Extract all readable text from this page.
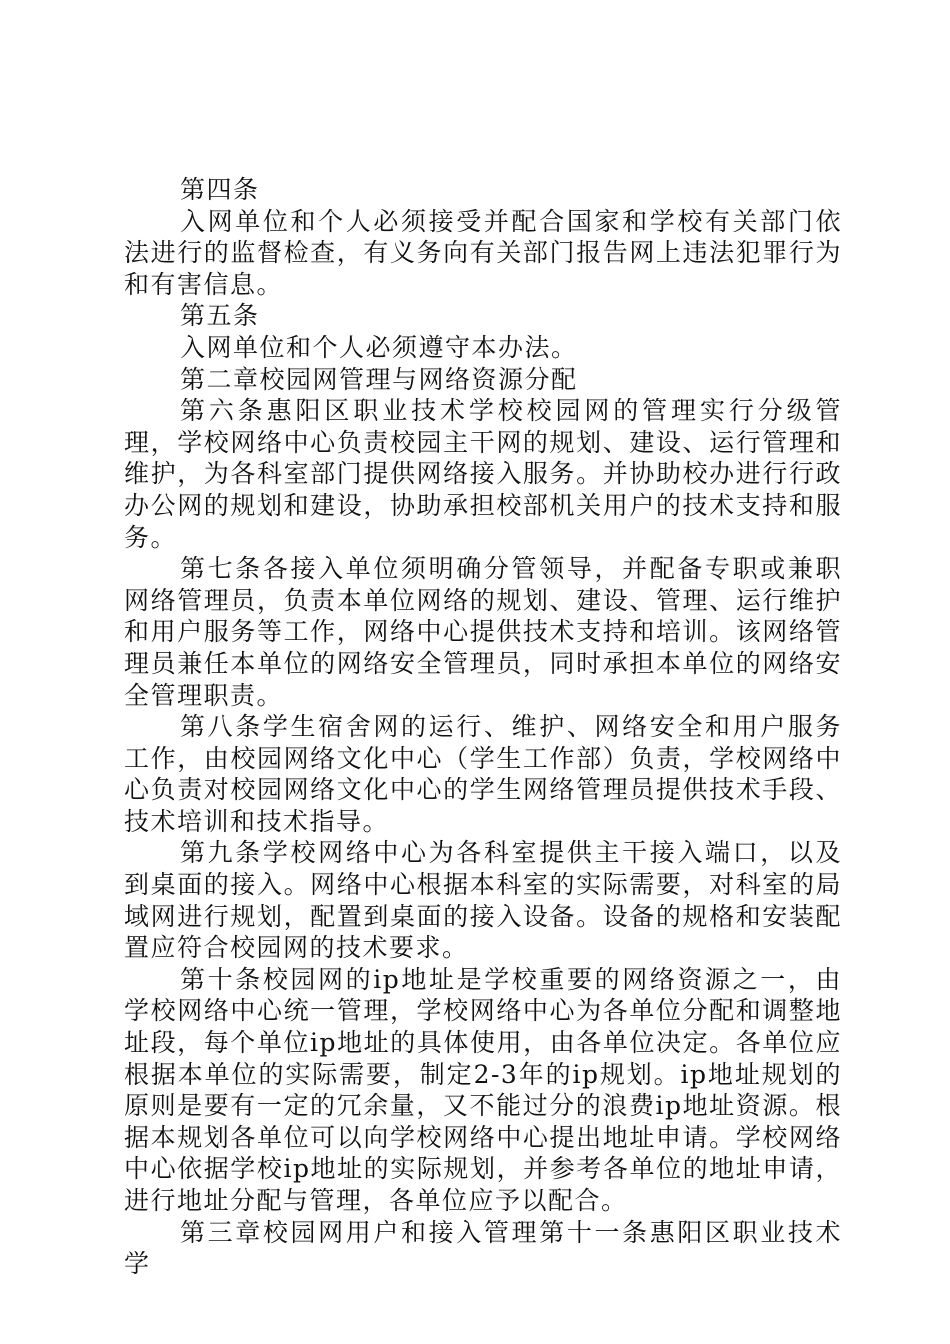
第四条

入网单位和个人必须接受并配合国家和学校有关部门依法进行的监督检查，有义务向有关部门报告网上违法犯罪行为和有害信息。

第五条

入网单位和个人必须遵守本办法。

第二章校园网管理与网络资源分配

第六条惠阳区职业技术学校校园网的管理实行分级管理，学校网络中心负责校园主干网的规划、建设、运行管理和维护，为各科室部门提供网络接入服务。并协助校办进行行政办公网的规划和建设，协助承担校部机关用户的技术支持和服务。

第七条各接入单位须明确分管领导，并配备专职或兼职网络管理员，负责本单位网络的规划、建设、管理、运行维护和用户服务等工作，网络中心提供技术支持和培训。该网络管理员兼任本单位的网络安全管理员，同时承担本单位的网络安全管理职责。

第八条学生宿舍网的运行、维护、网络安全和用户服务工作，由校园网络文化中心（学生工作部）负责，学校网络中心负责对校园网络文化中心的学生网络管理员提供技术手段、技术培训和技术指导。

第九条学校网络中心为各科室提供主干接入端口，以及到桌面的接入。网络中心根据本科室的实际需要，对科室的局域网进行规划，配置到桌面的接入设备。设备的规格和安装配置应符合校园网的技术要求。

第十条校园网的ip地址是学校重要的网络资源之一，由学校网络中心统一管理，学校网络中心为各单位分配和调整地址段，每个单位ip地址的具体使用，由各单位决定。各单位应根据本单位的实际需要，制定2-3年的ip规划。ip地址规划的原则是要有一定的冗余量，又不能过分的浪费ip地址资源。根据本规划各单位可以向学校网络中心提出地址申请。学校网络中心依据学校ip地址的实际规划，并参考各单位的地址申请，进行地址分配与管理，各单位应予以配合。

第三章校园网用户和接入管理第十一条惠阳区职业技术学
